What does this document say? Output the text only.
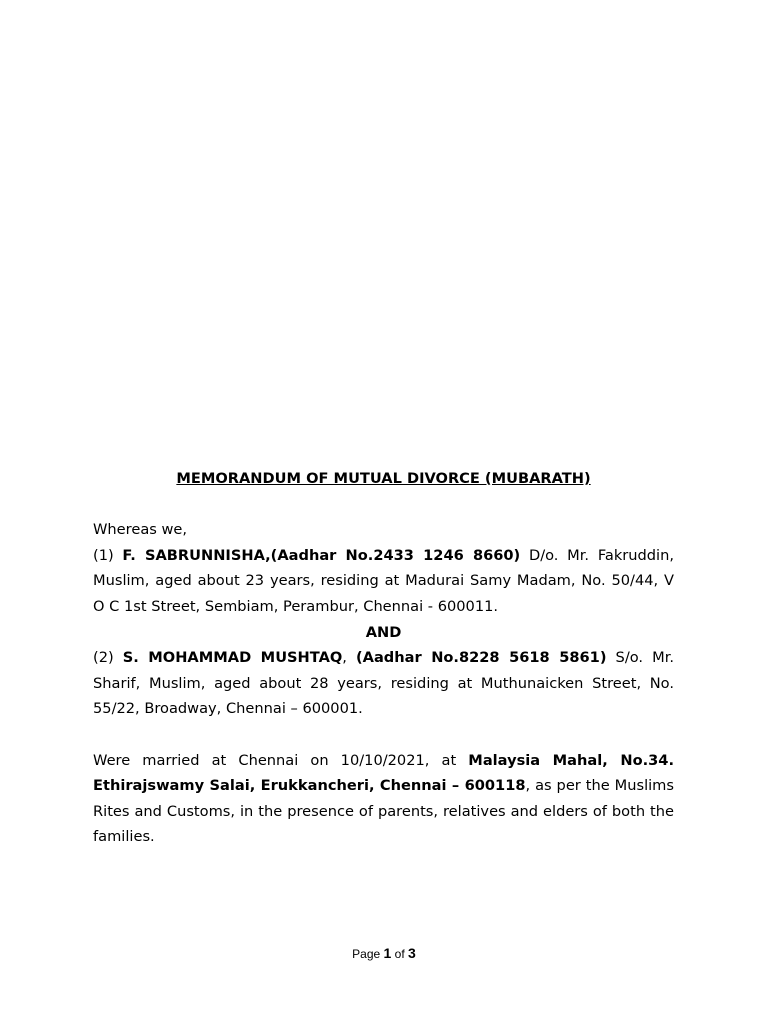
MEMORANDUM OF MUTUAL DIVORCE (MUBARATH)

Whereas we,

(1) F. SABRUNNISHA,(Aadhar No.2433 1246 8660) D/o. Mr. Fakruddin, Muslim, aged about 23 years, residing at Madurai Samy Madam, No. 50/44, V O C 1st Street, Sembiam, Perambur, Chennai - 600011.

AND

(2) S. MOHAMMAD MUSHTAQ, (Aadhar No.8228 5618 5861) S/o. Mr. Sharif, Muslim, aged about 28 years, residing at Muthunaicken Street, No. 55/22, Broadway, Chennai – 600001.

Were married at Chennai on 10/10/2021, at Malaysia Mahal, No.34. Ethirajswamy Salai, Erukkancheri, Chennai – 600118, as per the Muslims Rites and Customs, in the presence of parents, relatives and elders of both the families.

Page 1 of 3
